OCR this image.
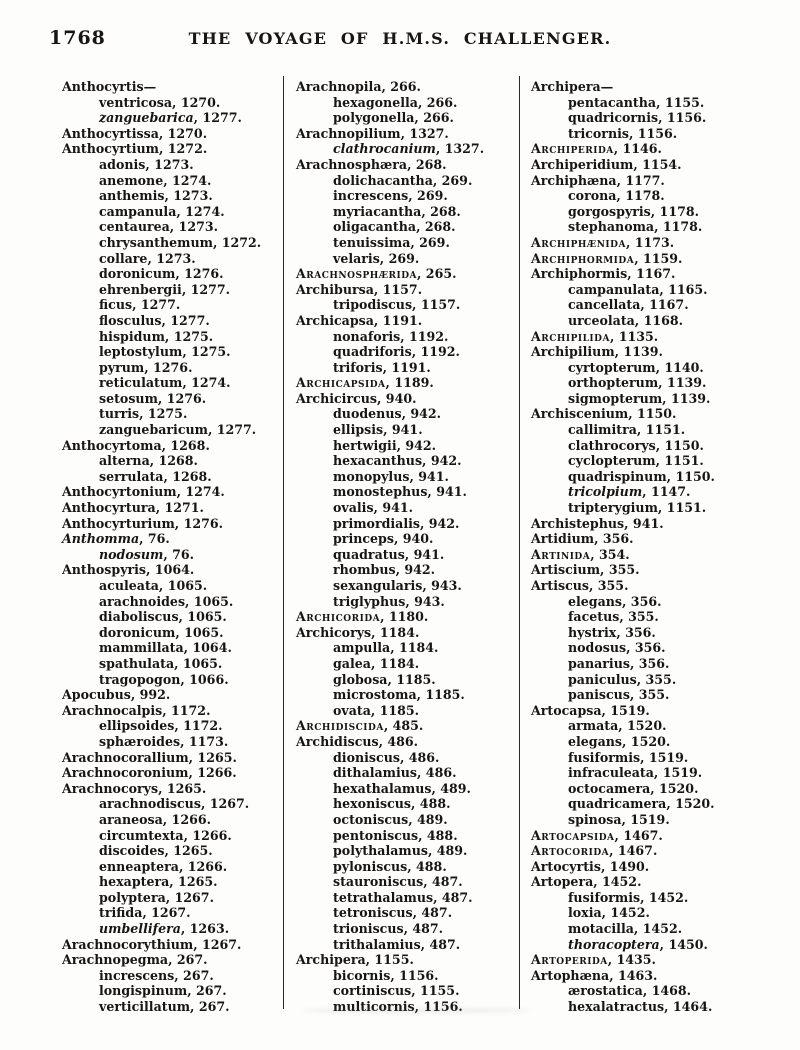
1768	THE VOYAGE OF H.M.S. CHALLENGER.
Anthocyrtis—
ventricosa, 1270.
zanguebarica, 1277.
Anthocyrtissa, 1270.
Anthocyrtium, 1272.
adonis, 1273.
anemone, 1274.
anthemis, 1273.
campanula, 1274.
centaurea, 1273.
chrysanthemum, 1272.
collare, 1273.
doronicum, 1276.
ehrenbergii, 1277.
ficus, 1277.
flosculus, 1277.
hispidum, 1275.
leptostylum, 1275.
pyrum, 1276.
reticulatum, 1274.
setosum, 1276.
turris, 1275.
zanguebaricum, 1277.
Anthocyrtoma, 1268.
alterna, 1268.
serrulata, 1268.
Anthocyrtonium, 1274.
Anthocyrtura, 1271.
Anthocyrturium, 1276.
Anthomma, 76.
nodosum, 76.
Anthospyris, 1064.
aculeata, 1065.
arachnoides, 1065.
diaboliscus, 1065.
doronicum, 1065.
mammillata, 1064.
spathulata, 1065.
tragopogon, 1066.
Apocubus, 992.
Arachnocalpis, 1172.
ellipsoides, 1172.
sphæroides, 1173.
Arachnocorallium, 1265.
Arachnocoronium, 1266.
Arachnocorys, 1265.
arachnodiscus, 1267.
araneosa, 1266.
circumtexta, 1266.
discoides, 1265.
enneaptera, 1266.
hexaptera, 1265.
polyptera, 1267.
trifida, 1267.
umbellifera, 1263.
Arachnocorythium, 1267.
Arachnopegma, 267.
increscens, 267.
longispinum, 267.
verticillatum, 267.
Arachnopila, 266.
hexagonella, 266.
polygonella, 266.
Arachnopilium, 1327.
clathrocanium, 1327.
Arachnosphæra, 268.
dolichacantha, 269.
increscens, 269.
myriacantha, 268.
oligacantha, 268.
tenuissima, 269.
velaris, 269.
Arachnosphærida, 265.
Archibursa, 1157.
tripodiscus, 1157.
Archicapsa, 1191.
nonaforis, 1192.
quadriforis, 1192.
triforis, 1191.
Archicapsida, 1189.
Archicircus, 940.
duodenus, 942.
ellipsis, 941.
hertwigii, 942.
hexacanthus, 942.
monopylus, 941.
monostephus, 941.
ovalis, 941.
primordialis, 942.
princeps, 940.
quadratus, 941.
rhombus, 942.
sexangularis, 943.
triglyphus, 943.
Archicorida, 1180.
Archicorys, 1184.
ampulla, 1184.
galea, 1184.
globosa, 1185.
microstoma, 1185.
ovata, 1185.
Archidiscida, 485.
Archidiscus, 486.
dioniscus, 486.
dithalamius, 486.
hexathalamus, 489.
hexoniscus, 488.
octoniscus, 489.
pentoniscus, 488.
polythalamus, 489.
pyloniscus, 488.
stauroniscus, 487.
tetrathalamus, 487.
tetroniscus, 487.
trioniscus, 487.
trithalamius, 487.
Archipera, 1155.
bicornis, 1156.
cortiniscus, 1155.
multicornis, 1156.
Archipera—
pentacantha, 1155.
quadricornis, 1156.
tricornis, 1156.
Archiperida, 1146.
Archiperidium, 1154.
Archiphæna, 1177.
corona, 1178.
gorgospyris, 1178.
stephanoma, 1178.
Archiphænida, 1173.
Archiphormida, 1159.
Archiphormis, 1167.
campanulata, 1165.
cancellata, 1167.
urceolata, 1168.
Archipilida, 1135.
Archipilium, 1139.
cyrtopterum, 1140.
orthopterum, 1139.
sigmopterum, 1139.
Archiscenium, 1150.
callimitra, 1151.
clathrocorys, 1150.
cyclopterum, 1151.
quadrispinum, 1150.
tricolpium, 1147.
tripterygium, 1151.
Archistephus, 941.
Artidium, 356.
Artinida, 354.
Artiscium, 355.
Artiscus, 355.
elegans, 356.
facetus, 355.
hystrix, 356.
nodosus, 356.
panarius, 356.
paniculus, 355.
paniscus, 355.
Artocapsa, 1519.
armata, 1520.
elegans, 1520.
fusiformis, 1519.
infraculeata, 1519.
octocamera, 1520.
quadricamera, 1520.
spinosa, 1519.
Artocapsida, 1467.
Artocorida, 1467.
Artocyrtis, 1490.
Artopera, 1452.
fusiformis, 1452.
loxia, 1452.
motacilla, 1452.
thoracoptera, 1450.
Artoperida, 1435.
Artophæna, 1463.
ærostatica, 1468.
hexalatractus, 1464.
